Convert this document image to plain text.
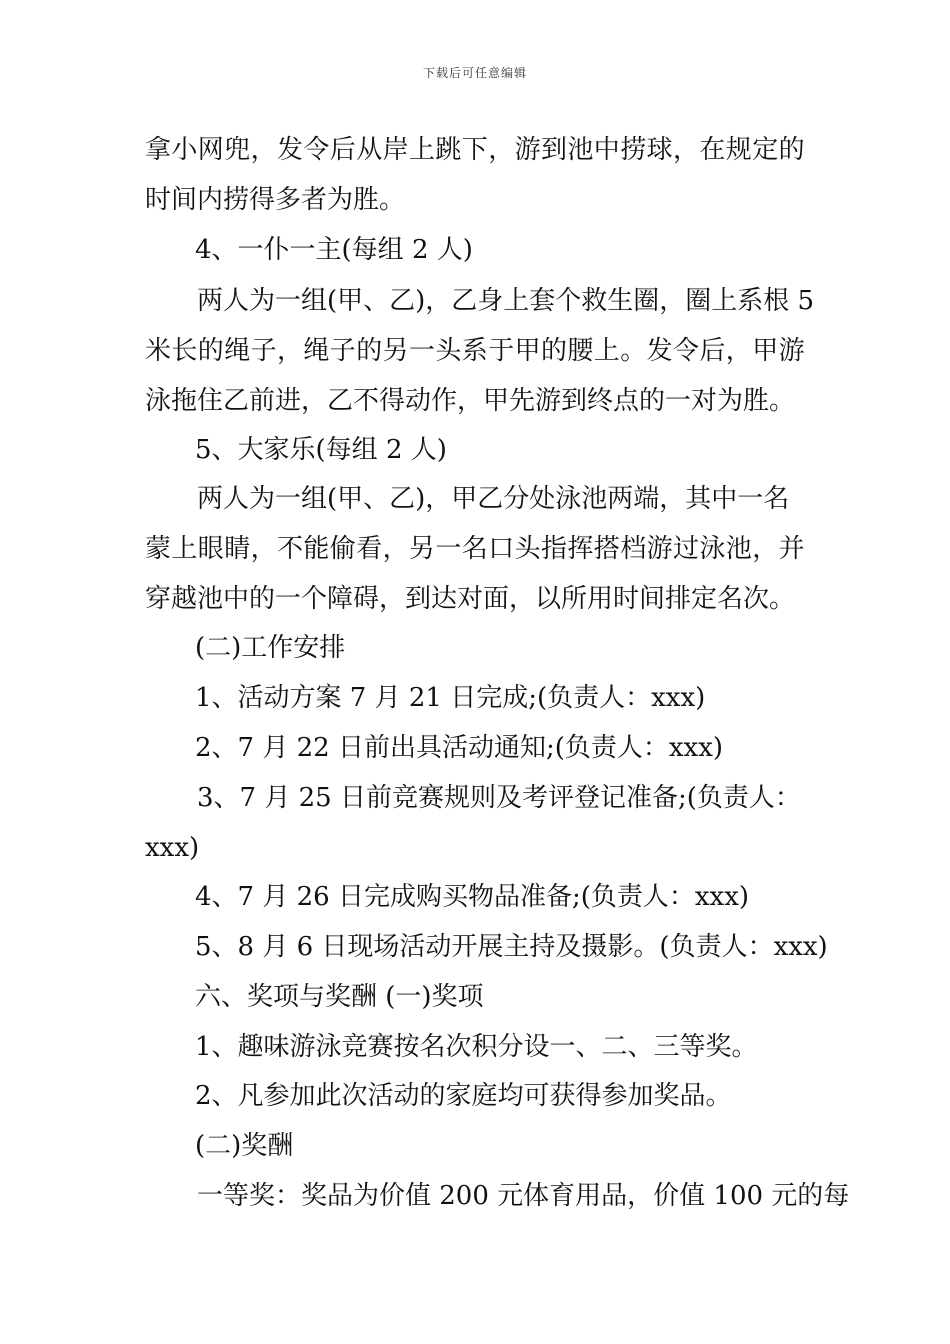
下载后可任意编辑
拿小网兜，发令后从岸上跳下，游到池中捞球，在规定的
时间内捞得多者为胜。
4、一仆一主(每组 2 人)
两人为一组(甲、乙)，乙身上套个救生圈，圈上系根 5
米长的绳子，绳子的另一头系于甲的腰上。发令后，甲游
泳拖住乙前进，乙不得动作，甲先游到终点的一对为胜。
5、大家乐(每组 2 人)
两人为一组(甲、乙)，甲乙分处泳池两端，其中一名
蒙上眼睛，不能偷看，另一名口头指挥搭档游过泳池，并
穿越池中的一个障碍，到达对面，以所用时间排定名次。
(二)工作安排
1、活动方案 7 月 21 日完成;(负责人：xxx)
2、7 月 22 日前出具活动通知;(负责人：xxx)
3、7 月 25 日前竞赛规则及考评登记准备;(负责人：
xxx)
4、7 月 26 日完成购买物品准备;(负责人：xxx)
5、8 月 6 日现场活动开展主持及摄影。(负责人：xxx)
六、奖项与奖酬 (一)奖项
1、趣味游泳竞赛按名次积分设一、二、三等奖。
2、凡参加此次活动的家庭均可获得参加奖品。
(二)奖酬
一等奖：奖品为价值 200 元体育用品，价值 100 元的每
